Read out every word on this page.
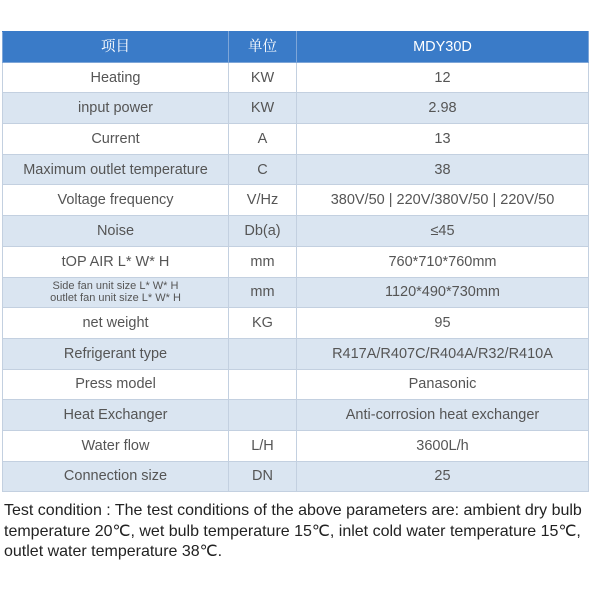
项目	单位	MDY30D
Heating	KW	12
input power	KW	2.98
Current	A	13
Maximum outlet temperature	C	38
Voltage frequency	V/Hz	380V/50 | 220V/380V/50 | 220V/50
Noise	Db(a)	≤45
tOP AIR L* W* H	mm	760*710*760mm

Side fan unit size L* W* H
outlet fan unit size L* W* H	mm	1120*490*730mm
net weight	KG	95
Refrigerant type		R417A/R407C/R404A/R32/R410A
Press model		Panasonic
Heat Exchanger		Anti-corrosion heat exchanger
Water flow	L/H	3600L/h
Connection size	DN	25

Test condition : The test conditions of the above parameters are: ambient dry bulb temperature 20℃, wet bulb temperature 15℃, inlet cold water temperature 15℃, outlet water temperature 38℃.
